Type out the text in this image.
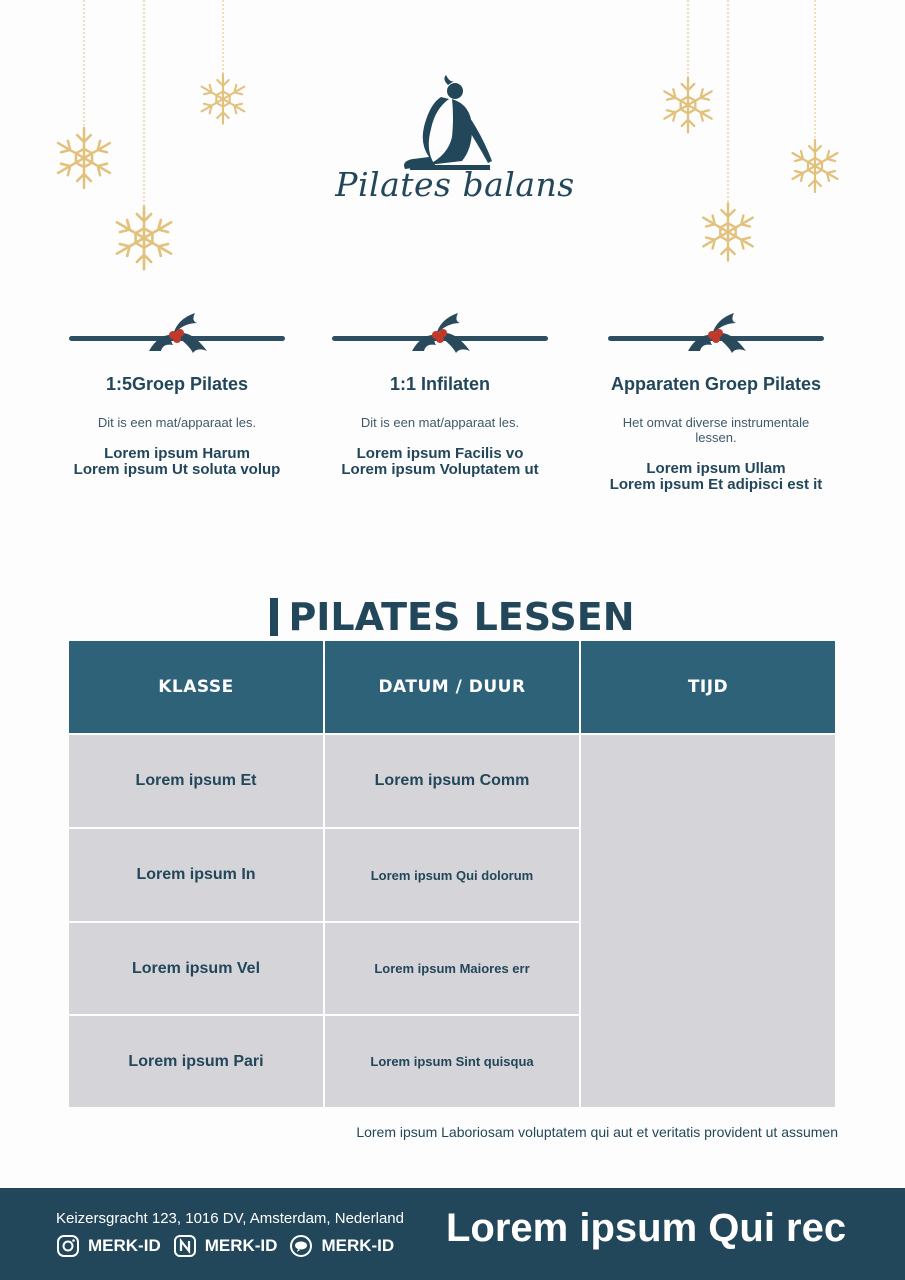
Pilates balans
1:5Groep Pilates
Dit is een mat/apparaat les.
Lorem ipsum Harum
Lorem ipsum Ut soluta volup
1:1 Infilaten
Dit is een mat/apparaat les.
Lorem ipsum Facilis vo
Lorem ipsum Voluptatem ut
Apparaten Groep Pilates
Het omvat diverse instrumentale lessen.
Lorem ipsum Ullam
Lorem ipsum Et adipisci est it
PILATES LESSEN
KLASSE	DATUM / DUUR	TIJD
Lorem ipsum Et	Lorem ipsum Comm
Lorem ipsum In	Lorem ipsum Qui dolorum
Lorem ipsum Vel	Lorem ipsum Maiores err
Lorem ipsum Pari	Lorem ipsum Sint quisqua
Lorem ipsum Laboriosam voluptatem qui aut et veritatis provident ut assumen
Keizersgracht 123, 1016 DV, Amsterdam, Nederland
MERK-ID	MERK-ID	MERK-ID Lorem ipsum Qui rec
